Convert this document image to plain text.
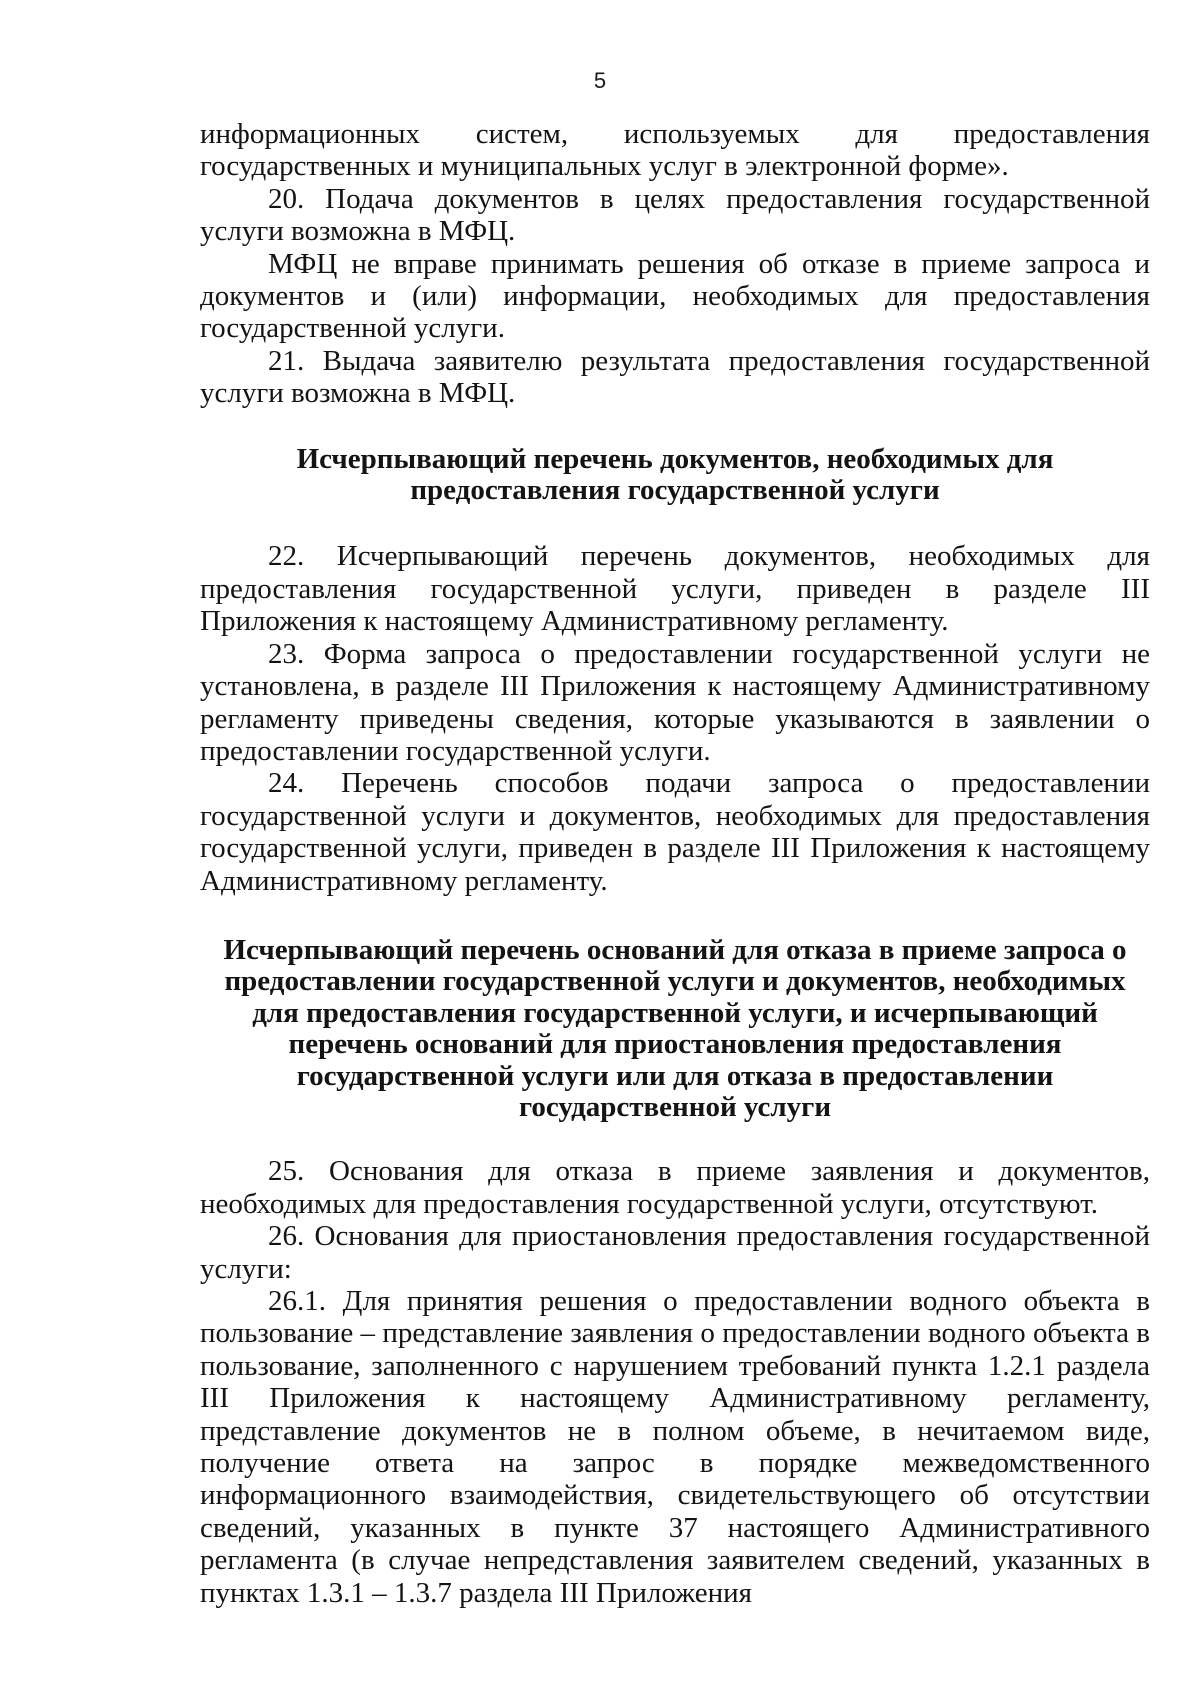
5

информационных систем, используемых для предоставления государственных и муниципальных услуг в электронной форме».

20. Подача документов в целях предоставления государственной услуги возможна в МФЦ.

МФЦ не вправе принимать решения об отказе в приеме запроса и документов и (или) информации, необходимых для предоставления государственной услуги.

21. Выдача заявителю результата предоставления государственной услуги возможна в МФЦ.

Исчерпывающий перечень документов, необходимых для предоставления государственной услуги

22. Исчерпывающий перечень документов, необходимых для предоставления государственной услуги, приведен в разделе III Приложения к настоящему Административному регламенту.

23. Форма запроса о предоставлении государственной услуги не установлена, в разделе III Приложения к настоящему Административному регламенту приведены сведения, которые указываются в заявлении о предоставлении государственной услуги.

24. Перечень способов подачи запроса о предоставлении государственной услуги и документов, необходимых для предоставления государственной услуги, приведен в разделе III Приложения к настоящему Административному регламенту.

Исчерпывающий перечень оснований для отказа в приеме запроса о предоставлении государственной услуги и документов, необходимых для предоставления государственной услуги, и исчерпывающий перечень оснований для приостановления предоставления государственной услуги или для отказа в предоставлении государственной услуги

25. Основания для отказа в приеме заявления и документов, необходимых для предоставления государственной услуги, отсутствуют.

26. Основания для приостановления предоставления государственной услуги:

26.1. Для принятия решения о предоставлении водного объекта в пользование – представление заявления о предоставлении водного объекта в пользование, заполненного с нарушением требований пункта 1.2.1 раздела III Приложения к настоящему Административному регламенту, представление документов не в полном объеме, в нечитаемом виде, получение ответа на запрос в порядке межведомственного информационного взаимодействия, свидетельствующего об отсутствии сведений, указанных в пункте 37 настоящего Административного регламента (в случае непредставления заявителем сведений, указанных в пунктах 1.3.1 – 1.3.7 раздела III Приложения
